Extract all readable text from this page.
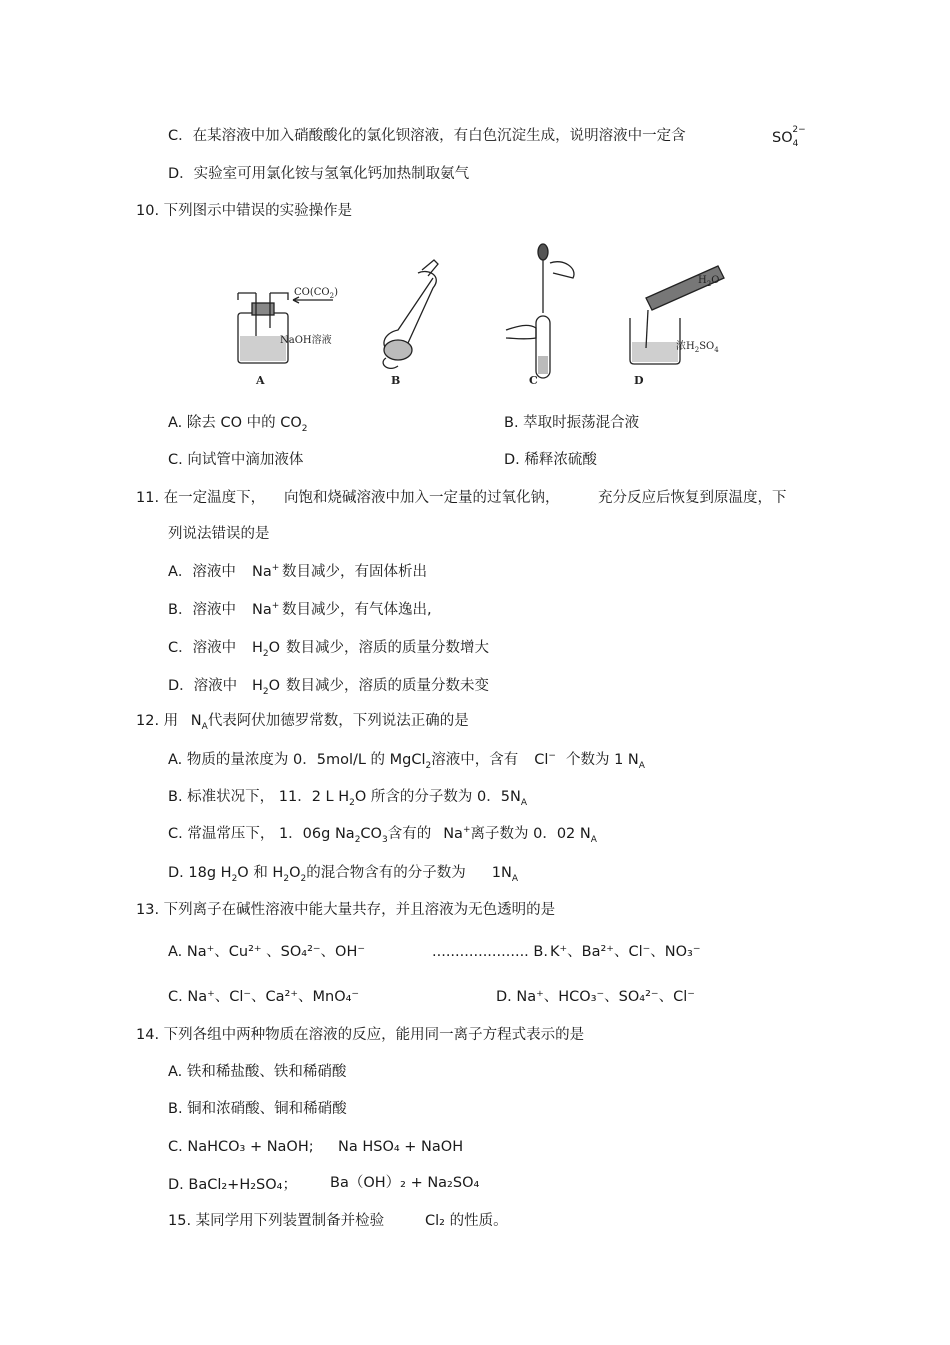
C．在某溶液中加入硝酸酸化的氯化钡溶液，有白色沉淀生成，说明溶液中一定含	$SO_4^{2-}$
D．实验室可用氯化铵与氢氧化钙加热制取氨气
10. 下列图示中错误的实验操作是
$CO(CO_2)$
NaOH溶液
$H_2O$
浓$H_2SO_4$
A	B	C	D
A. 除去 CO 中的 $CO_2$	B. 萃取时振荡混合液
C. 向试管中滴加液体	D. 稀释浓硫酸
11. 在一定温度下， 向饱和烧碱溶液中加入一定量的过氧化钠，	充分反应后恢复到原温度，下
列说法错误的是
A．溶液中 Na+ 数目减少，有固体析出
B．溶液中 Na+ 数目减少，有气体逸出,
C．溶液中 $H_2O$ 数目减少，溶质的质量分数增大
D．溶液中 $H_2O$ 数目减少，溶质的质量分数未变
12. 用 $N_A$代表阿伏加德罗常数，下列说法正确的是
A. 物质的量浓度为 0．5mol/L 的 MgCl$_2$溶液中，含有 Cl− 个数为 1 $N_A$
B. 标准状况下， 11．2 L $H_2O$ 所含的分子数为 0．$5N_A$
C. 常温常压下， 1．06g $Na_2CO_3$含有的 Na+离子数为 0．02 $N_A$
D. 18g $H_2O$ 和 $H_2O_2$的混合物含有的分子数为 $1N_A$
13. 下列离子在碱性溶液中能大量共存，并且溶液为无色透明的是
A. Na⁺、Cu²⁺ 、SO₄²⁻、OH⁻	..................... B. K⁺、Ba²⁺、Cl⁻、NO₃⁻
C. Na⁺、Cl⁻、Ca²⁺、MnO₄⁻	D. Na⁺、HCO₃⁻、SO₄²⁻、Cl⁻
14. 下列各组中两种物质在溶液的反应，能用同一离子方程式表示的是
A. 铁和稀盐酸、铁和稀硝酸
B. 铜和浓硝酸、铜和稀硝酸
C. NaHCO₃ + NaOH; Na HSO₄ + NaOH
D. BaCl₂+H₂SO₄； Ba（OH）₂ + Na₂SO₄
15. 某同学用下列装置制备并检验	Cl₂ 的性质。
